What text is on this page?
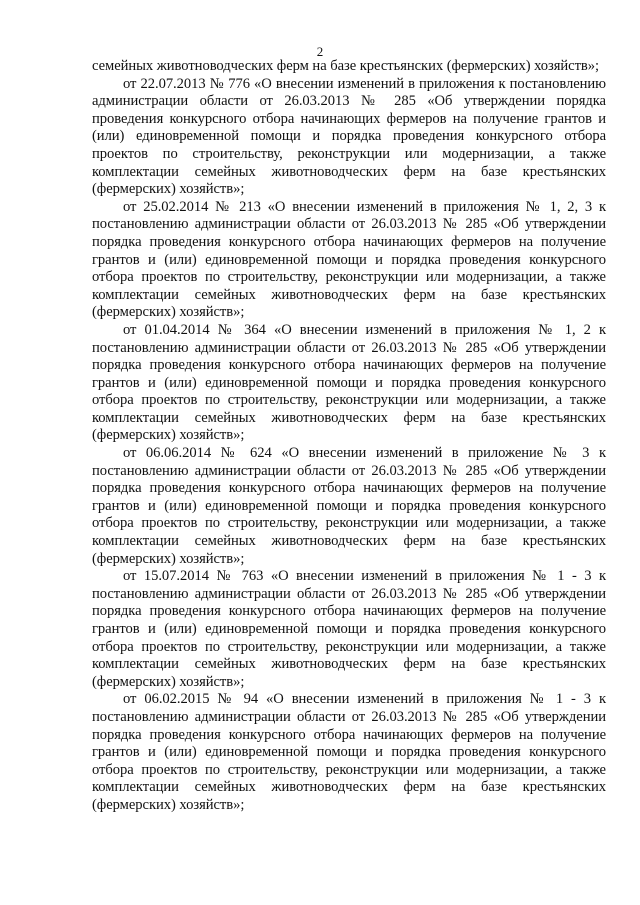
2

семейных животноводческих ферм на базе крестьянских (фермерских) хозяйств»;

от 22.07.2013 № 776 «О внесении изменений в приложения к постановлению администрации области от 26.03.2013 № 285 «Об утверждении порядка проведения конкурсного отбора начинающих фермеров на получение грантов и (или) единовременной помощи и порядка проведения конкурсного отбора проектов по строительству, реконструкции или модернизации, а также комплектации семейных животноводческих ферм на базе крестьянских (фермерских) хозяйств»;

от 25.02.2014 № 213 «О внесении изменений в приложения № 1, 2, 3 к постановлению администрации области от 26.03.2013 № 285 «Об утверждении порядка проведения конкурсного отбора начинающих фермеров на получение грантов и (или) единовременной помощи и порядка проведения конкурсного отбора проектов по строительству, реконструкции или модернизации, а также комплектации семейных животноводческих ферм на базе крестьянских (фермерских) хозяйств»;

от 01.04.2014 № 364 «О внесении изменений в приложения № 1, 2 к постановлению администрации области от 26.03.2013 № 285 «Об утверждении порядка проведения конкурсного отбора начинающих фермеров на получение грантов и (или) единовременной помощи и порядка проведения конкурсного отбора проектов по строительству, реконструкции или модернизации, а также комплектации семейных животноводческих ферм на базе крестьянских (фермерских) хозяйств»;

от 06.06.2014 № 624 «О внесении изменений в приложение № 3 к постановлению администрации области от 26.03.2013 № 285 «Об утверждении порядка проведения конкурсного отбора начинающих фермеров на получение грантов и (или) единовременной помощи и порядка проведения конкурсного отбора проектов по строительству, реконструкции или модернизации, а также комплектации семейных животноводческих ферм на базе крестьянских (фермерских) хозяйств»;

от 15.07.2014 № 763 «О внесении изменений в приложения № 1 - 3 к постановлению администрации области от 26.03.2013 № 285 «Об утверждении порядка проведения конкурсного отбора начинающих фермеров на получение грантов и (или) единовременной помощи и порядка проведения конкурсного отбора проектов по строительству, реконструкции или модернизации, а также комплектации семейных животноводческих ферм на базе крестьянских (фермерских) хозяйств»;

от 06.02.2015 № 94 «О внесении изменений в приложения № 1 - 3 к постановлению администрации области от 26.03.2013 № 285 «Об утверждении порядка проведения конкурсного отбора начинающих фермеров на получение грантов и (или) единовременной помощи и порядка проведения конкурсного отбора проектов по строительству, реконструкции или модернизации, а также комплектации семейных животноводческих ферм на базе крестьянских (фермерских) хозяйств»;
